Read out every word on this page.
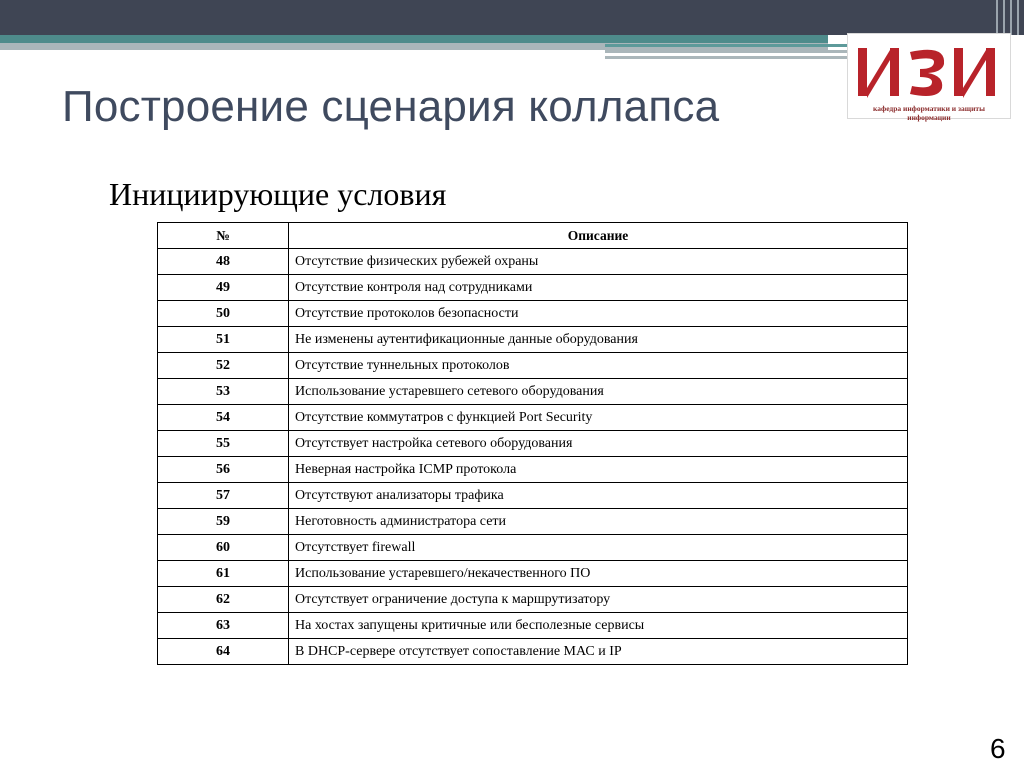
кафедра информатики и защиты информации
Построение сценария коллапса
Инициирующие условия
№	Описание
48	Отсутствие физических рубежей охраны
49	Отсутствие контроля над сотрудниками
50	Отсутствие протоколов безопасности
51	Не изменены аутентификационные данные оборудования
52	Отсутствие туннельных протоколов
53	Использование устаревшего сетевого оборудования
54	Отсутствие коммутатров с функцией Port Security
55	Отсутствует настройка сетевого оборудования
56	Неверная настройка ICMP протокола
57	Отсутствуют анализаторы трафика
59	Неготовность администратора сети
60	Отсутствует firewall
61	Использование устаревшего/некачественного ПО
62	Отсутствует ограничение доступа к маршрутизатору
63	На хостах запущены критичные или бесполезные сервисы
64	В DHCP-сервере отсутствует сопоставление МАС и IP
6
